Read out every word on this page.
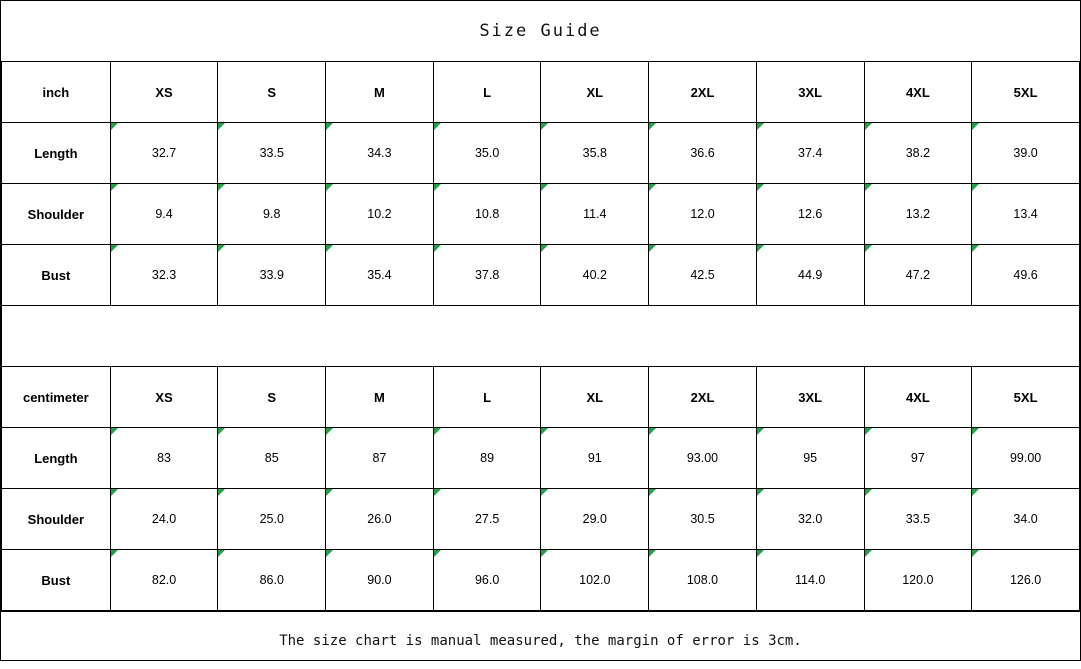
Size Guide
inch	XS	S	M	L	XL	2XL	3XL	4XL	5XL
Length	32.7	33.5	34.3	35.0	35.8	36.6	37.4	38.2	39.0
Shoulder	9.4	9.8	10.2	10.8	11.4	12.0	12.6	13.2	13.4
Bust	32.3	33.9	35.4	37.8	40.2	42.5	44.9	47.2	49.6
centimeter	XS	S	M	L	XL	2XL	3XL	4XL	5XL
Length	83	85	87	89	91	93.00	95	97	99.00
Shoulder	24.0	25.0	26.0	27.5	29.0	30.5	32.0	33.5	34.0
Bust	82.0	86.0	90.0	96.0	102.0	108.0	114.0	120.0	126.0
The size chart is manual measured, the margin of error is 3cm.
